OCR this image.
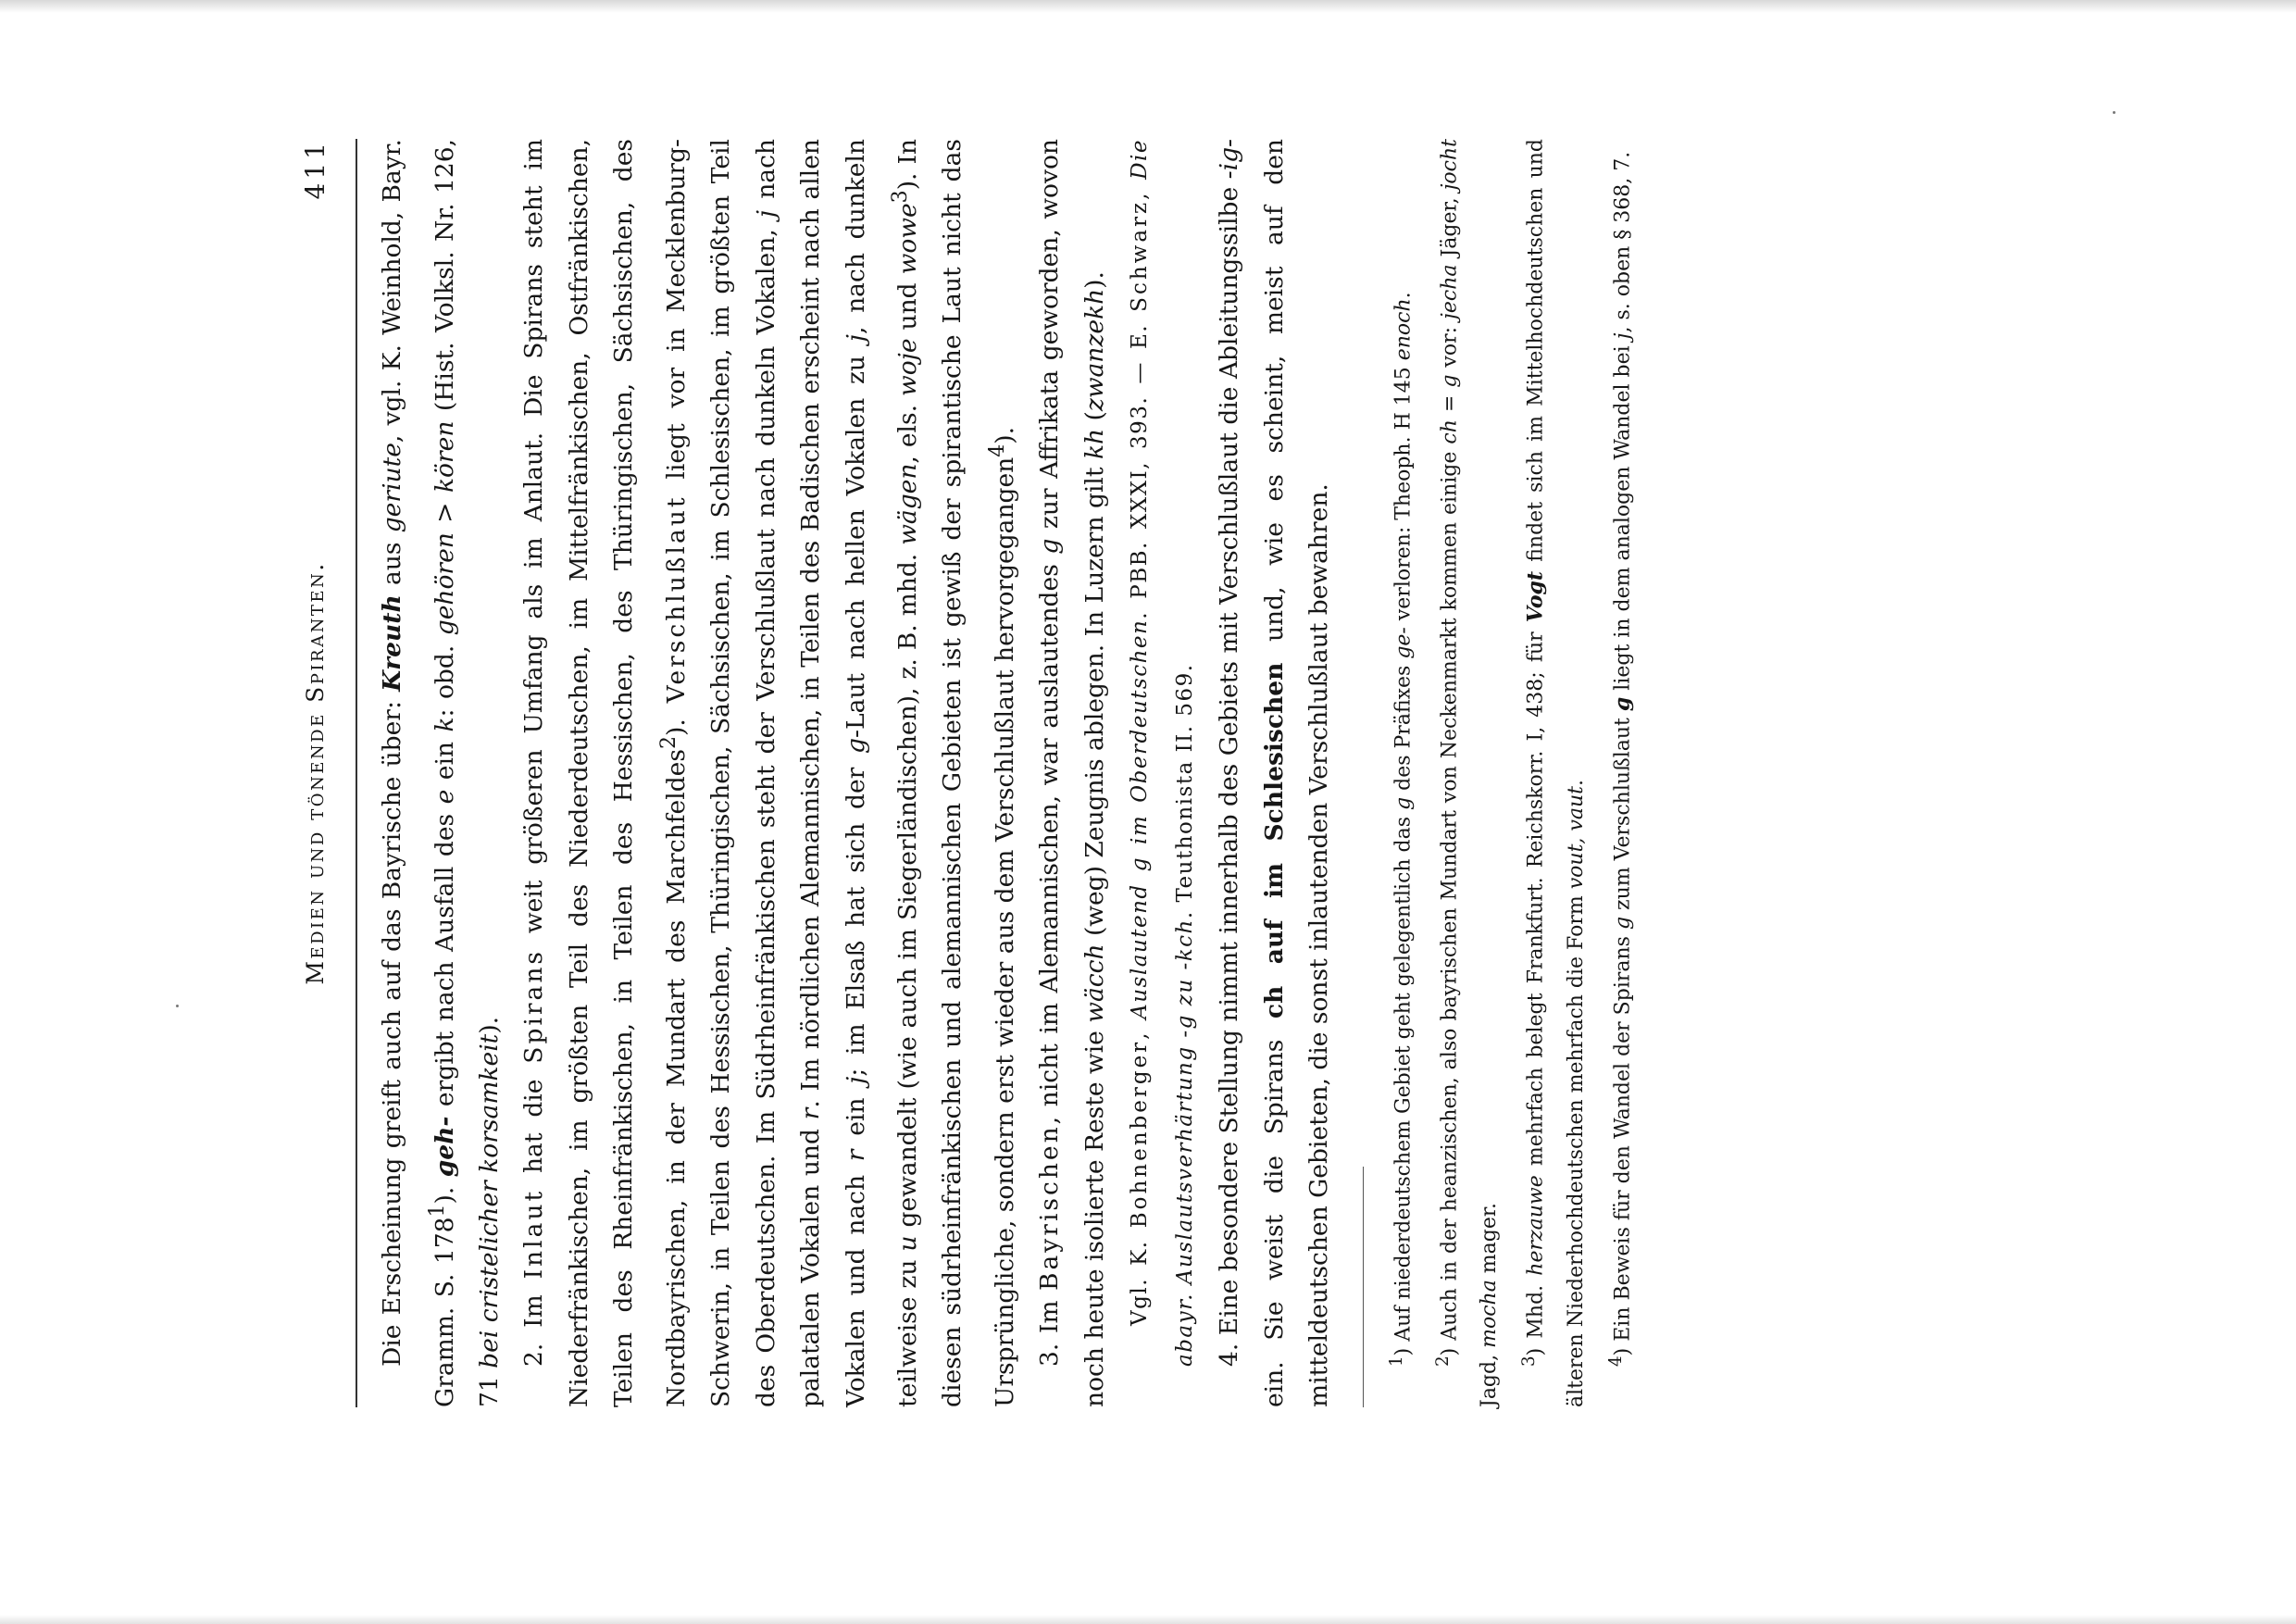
Medien und tönende Spiranten.
411

Die Erscheinung greift auch auf das Bayrische über: Kreuth aus geriute, vgl. K. Weinhold, Bayr. Gramm. S. $178^1$). geh- ergibt nach Ausfall des e ein k: obd. gehören > kören (Hist. Volksl. Nr. 126, 71 bei cristelicher korsamkeit).

2. Im Inlaut hat die Spirans weit größeren Umfang als im Anlaut. Die Spirans steht im Niederfränkischen, im größten Teil des Niederdeutschen, im Mittelfränkischen, Ostfränkischen, Teilen des Rheinfränkischen, in Teilen des Hessischen, des Thüringischen, Sächsischen, des Nordbayrischen, in der Mundart des Marchfeldes$^2$). Verschlußlaut liegt vor in Mecklenburg-Schwerin, in Teilen des Hessischen, Thüringischen, Sächsischen, im Schlesischen, im größten Teil des Oberdeutschen. Im Südrheinfränkischen steht der Verschlußlaut nach dunkeln Vokalen, j nach palatalen Vokalen und r. Im nördlichen Alemannischen, in Teilen des Badischen erscheint nach allen Vokalen und nach r ein j; im Elsaß hat sich der g-Laut nach hellen Vokalen zu j, nach dunkeln teilweise zu u gewandelt (wie auch im Siegerländischen), z. B. mhd. wägen, els. woje und wowe$^3$). In diesen südrheinfränkischen und alemannischen Gebieten ist gewiß der spirantische Laut nicht das Ursprüngliche, sondern erst wieder aus dem Verschlußlaut hervorgegangen$^4$).

3. Im Bayrischen, nicht im Alemannischen, war auslautendes g zur Affrikata geworden, wovon noch heute isolierte Reste wie wäcch (weg) Zeugnis ablegen. In Luzern gilt kh (zwanzekh).

Vgl. K. Bohnenberger, Auslautend g im Oberdeutschen. PBB. XXXI, 393. — E. Schwarz, Die abayr. Auslautsverhärtung -g zu -kch. Teuthonista II. 569. 4. Eine besondere Stellung nimmt innerhalb des Gebiets mit Verschlußlaut die Ableitungssilbe -ig- ein. Sie weist die Spirans ch auf im Schlesischen und, wie es scheint, meist auf den mitteldeutschen Gebieten, die sonst inlautenden Verschlußlaut bewahren.	$^1$) Auf niederdeutschem Gebiet geht gelegentlich das g des Präfixes ge- verloren: Theoph. H 145 enoch.

$^2$) Auch in der heanzischen, also bayrischen Mundart von Neckenmarkt kommen einige ch = g vor: jecha Jäger, jocht Jagd, mocha mager.

$^3$) Mhd. herzauwe mehrfach belegt Frankfurt. Reichskorr. I, 438; für Vogt findet sich im Mittelhochdeutschen und älteren Niederhochdeutschen mehrfach die Form vout, vaut.

$^4$) Ein Beweis für den Wandel der Spirans g zum Verschlußlaut g liegt in dem analogen Wandel bei j, s. oben § 368, 7.
